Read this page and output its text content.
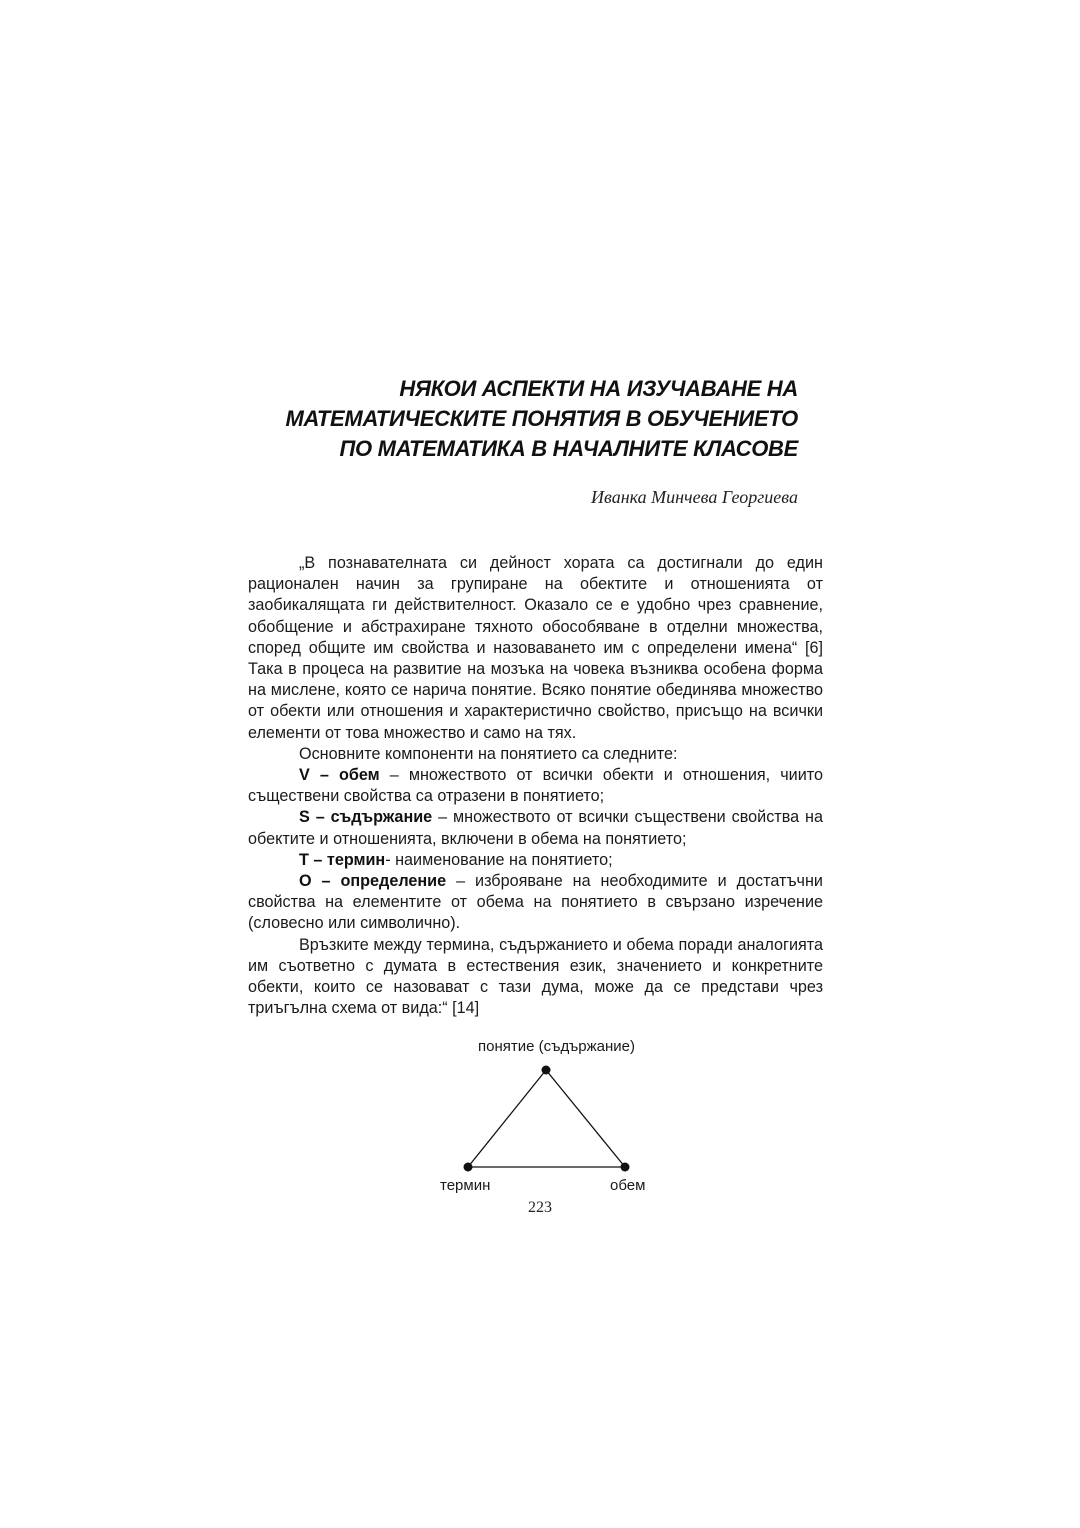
НЯКОИ АСПЕКТИ НА ИЗУЧАВАНЕ НА
МАТЕМАТИЧЕСКИТЕ ПОНЯТИЯ В ОБУЧЕНИЕТО
ПО МАТЕМАТИКА В НАЧАЛНИТЕ КЛАСОВЕ
Иванка Минчева Георгиева

„В познавателната си дейност хората са достигнали до един рационален начин за групиране на обектите и отношенията от заобикалящата ги действителност. Оказало се е удобно чрез сравнение, обобщение и абстрахиране тяхното обособяване в отделни множества, според общите им свойства и назоваването им с определени имена“ [6] Така в процеса на развитие на мозъка на човека възниква особена форма на мислене, която се нарича понятие. Всяко понятие обединява множество от обекти или отношения и характеристично свойство, присъщо на всички елементи от това множество и само на тях.

Основните компоненти на понятието са следните:

V – обем – множеството от всички обекти и отношения, чиито съществени свойства са отразени в понятието;

S – съдържание – множеството от всички съществени свойства на обектите и отношенията, включени в обема на понятието;

Т – термин- наименование на понятието;

О – определение – изброяване на необходимите и достатъчни свойства на елементите от обема на понятието в свързано изречение (словесно или символично).

Връзките между термина, съдържанието и обема поради аналогията им съответно с думата в естествения език, значението и конкретните обекти, които се назовават с тази дума, може да се представи чрез триъгълна схема от вида:“ [14]

понятие (съдържание)
термин	обем
223
